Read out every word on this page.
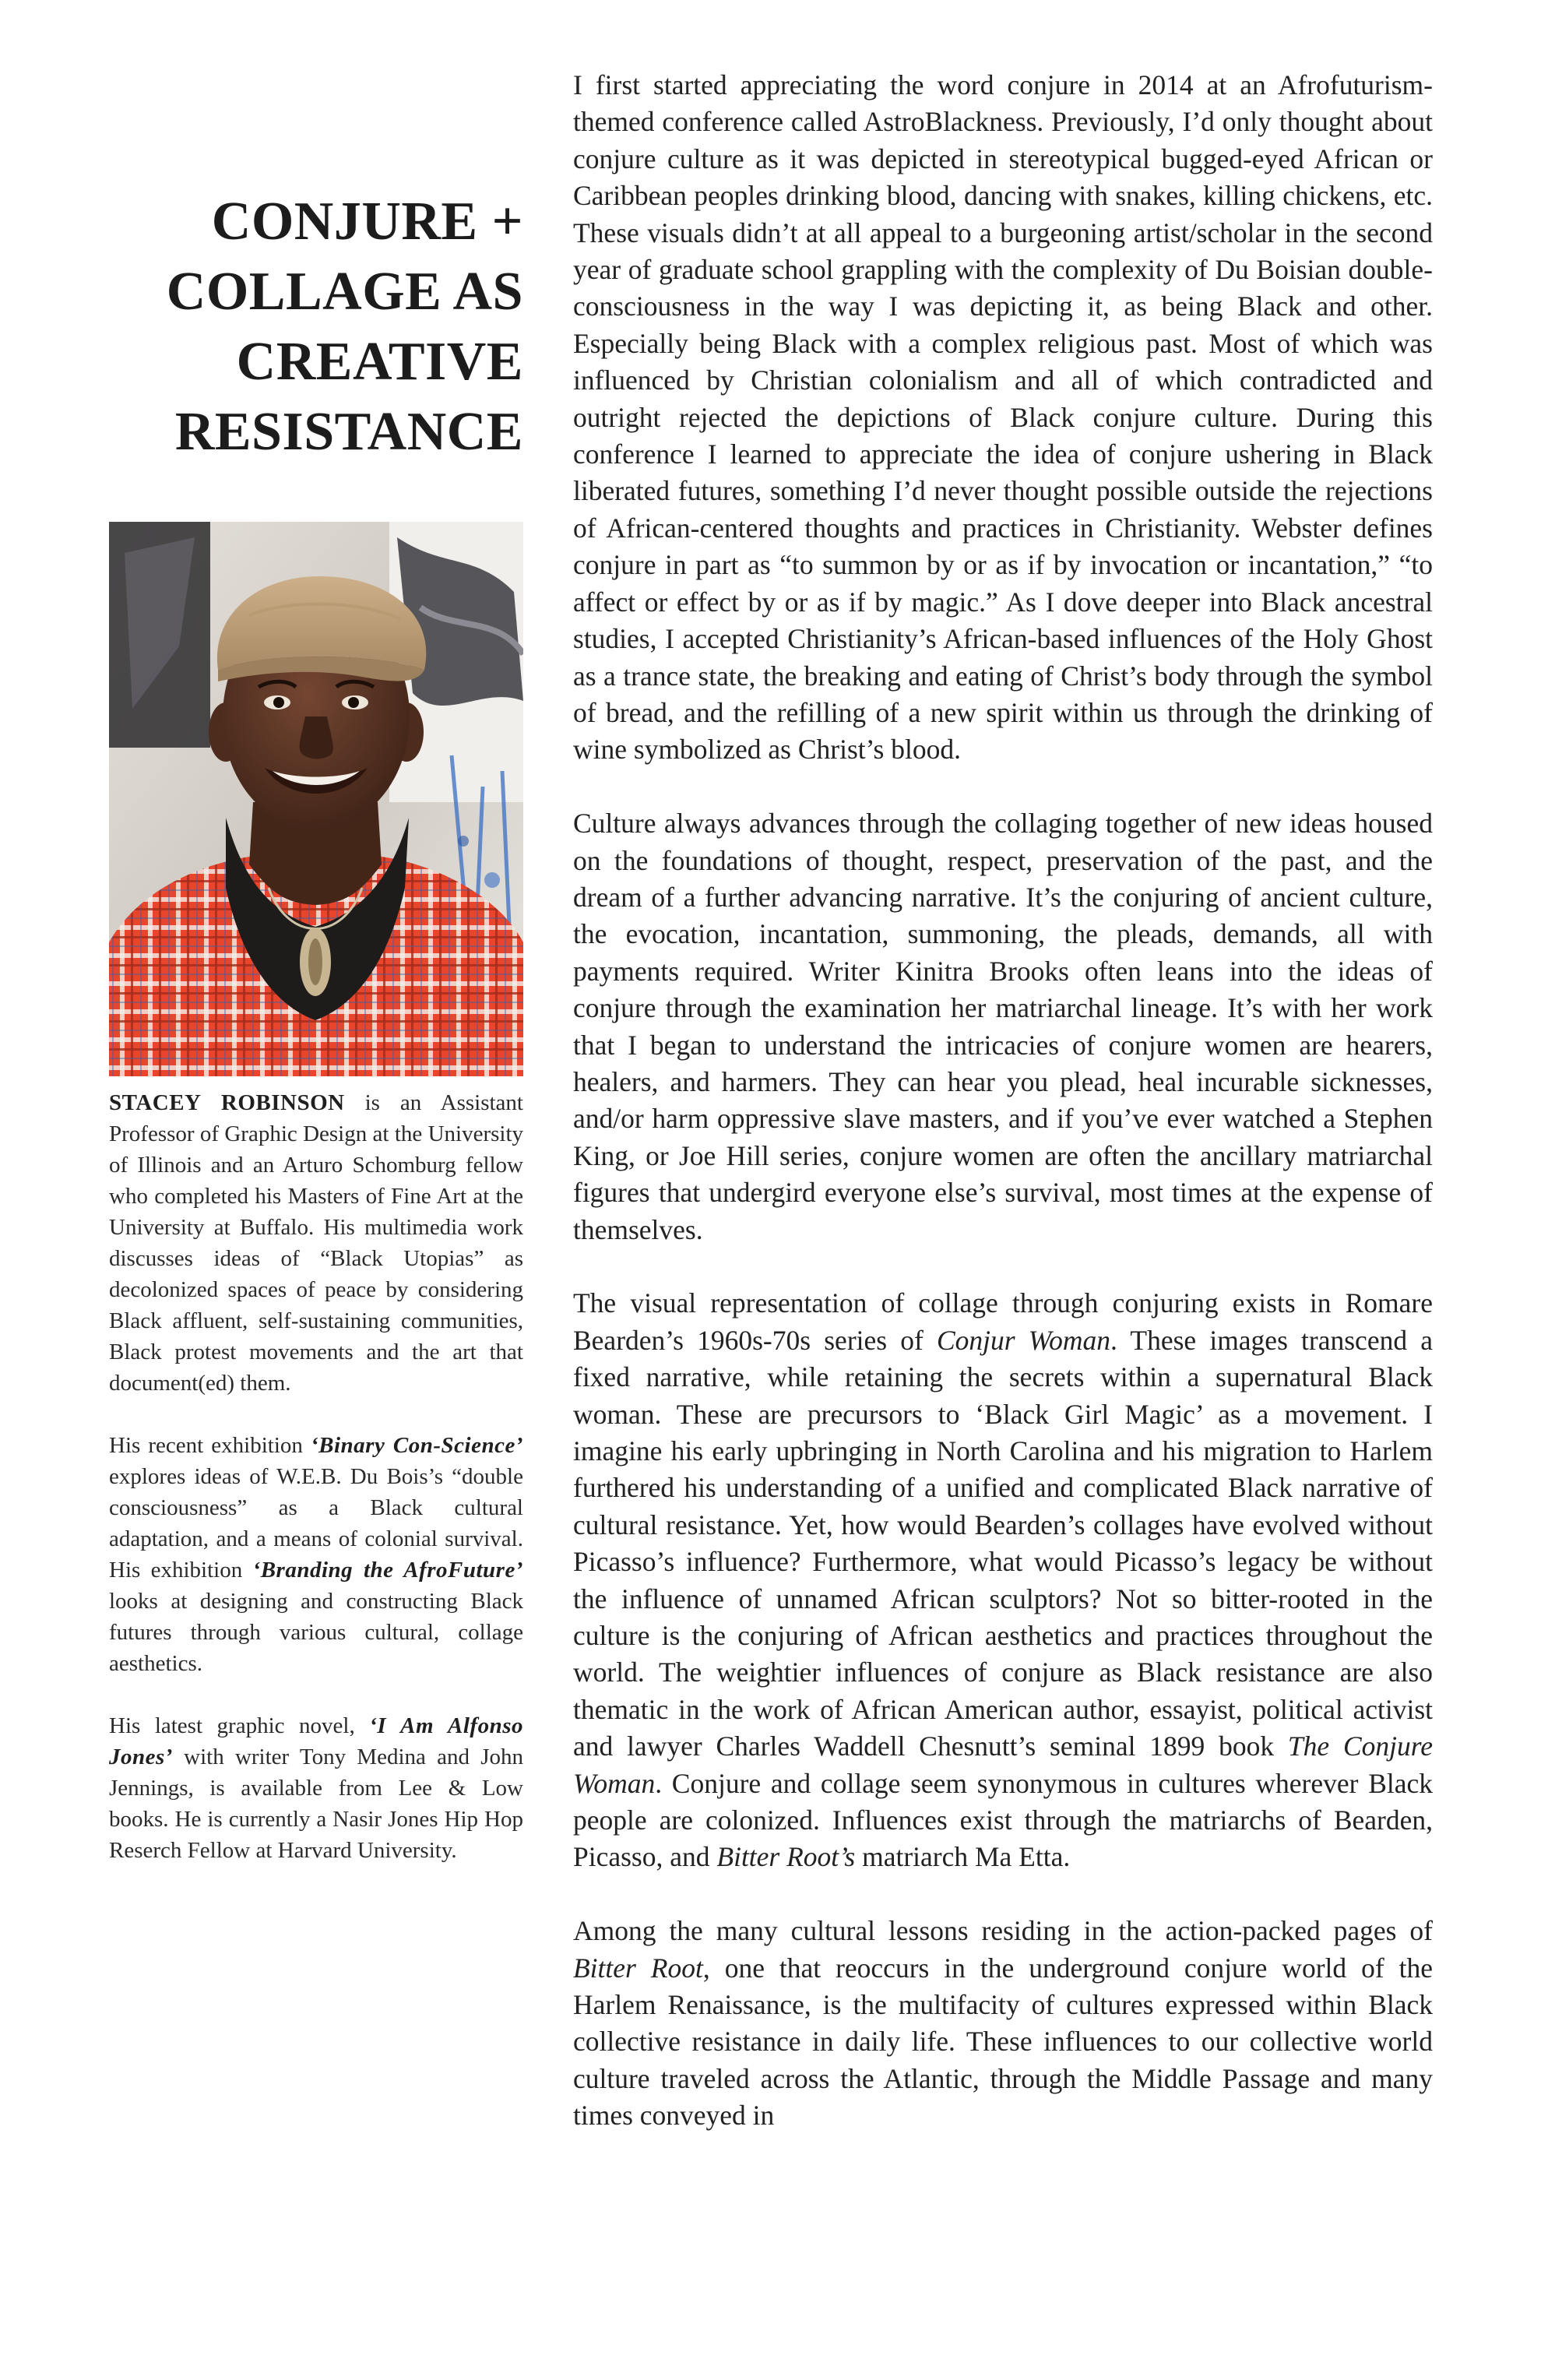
CONJURE +
COLLAGE AS
CREATIVE
RESISTANCE

STACEY ROBINSON is an Assistant Professor of Graphic Design at the University of Illinois and an Arturo Schomburg fellow who completed his Masters of Fine Art at the University at Buffalo. His multimedia work discusses ideas of “Black Utopias” as decolonized spaces of peace by considering Black affluent, self-sustaining communities, Black protest movements and the art that document(ed) them.

His recent exhibition ‘Binary Con-Science’ explores ideas of W.E.B. Du Bois’s “double consciousness” as a Black cultural adaptation, and a means of colonial survival. His exhibition ‘Branding the AfroFuture’ looks at designing and constructing Black futures through various cultural, collage aesthetics.

His latest graphic novel, ‘I Am Alfonso Jones’ with writer Tony Medina and John Jennings, is available from Lee & Low books. He is currently a Nasir Jones Hip Hop Reserch Fellow at Harvard University.

I first started appreciating the word conjure in 2014 at an Afrofuturism-themed conference called AstroBlackness. Previously, I’d only thought about conjure culture as it was depicted in stereotypical bugged-eyed African or Caribbean peoples drinking blood, dancing with snakes, killing chickens, etc. These visuals didn’t at all appeal to a burgeoning artist/scholar in the second year of graduate school grappling with the complexity of Du Boisian double-consciousness in the way I was depicting it, as being Black and other. Especially being Black with a complex religious past. Most of which was influenced by Christian colonialism and all of which contradicted and outright rejected the depictions of Black conjure culture. During this conference I learned to appreciate the idea of conjure ushering in Black liberated futures, something I’d never thought possible outside the rejections of African-centered thoughts and practices in Christianity. Webster defines conjure in part as “to summon by or as if by invocation or incantation,” “to affect or effect by or as if by magic.” As I dove deeper into Black ancestral studies, I accepted Christianity’s African-based influences of the Holy Ghost as a trance state, the breaking and eating of Christ’s body through the symbol of bread, and the refilling of a new spirit within us through the drinking of wine symbolized as Christ’s blood.

Culture always advances through the collaging together of new ideas housed on the foundations of thought, respect, preservation of the past, and the dream of a further advancing narrative. It’s the conjuring of ancient culture, the evocation, incantation, summoning, the pleads, demands, all with payments required. Writer Kinitra Brooks often leans into the ideas of conjure through the examination her matriarchal lineage. It’s with her work that I began to understand the intricacies of conjure women are hearers, healers, and harmers. They can hear you plead, heal incurable sicknesses, and/or harm oppressive slave masters, and if you’ve ever watched a Stephen King, or Joe Hill series, conjure women are often the ancillary matriarchal figures that undergird everyone else’s survival, most times at the expense of themselves.

The visual representation of collage through conjuring exists in Romare Bearden’s 1960s-70s series of Conjur Woman. These images transcend a fixed narrative, while retaining the secrets within a supernatural Black woman. These are precursors to ‘Black Girl Magic’ as a movement. I imagine his early upbringing in North Carolina and his migration to Harlem furthered his understanding of a unified and complicated Black narrative of cultural resistance. Yet, how would Bearden’s collages have evolved without Picasso’s influence? Furthermore, what would Picasso’s legacy be without the influence of unnamed African sculptors? Not so bitter-rooted in the culture is the conjuring of African aesthetics and practices throughout the world. The weightier influences of conjure as Black resistance are also thematic in the work of African American author, essayist, political activist and lawyer Charles Waddell Chesnutt’s seminal 1899 book The Conjure Woman. Conjure and collage seem synonymous in cultures wherever Black people are colonized. Influences exist through the matriarchs of Bearden, Picasso, and Bitter Root’s matriarch Ma Etta.

Among the many cultural lessons residing in the action-packed pages of Bitter Root, one that reoccurs in the underground conjure world of the Harlem Renaissance, is the multifacity of cultures expressed within Black collective resistance in daily life. These influences to our collective world culture traveled across the Atlantic, through the Middle Passage and many times conveyed in
